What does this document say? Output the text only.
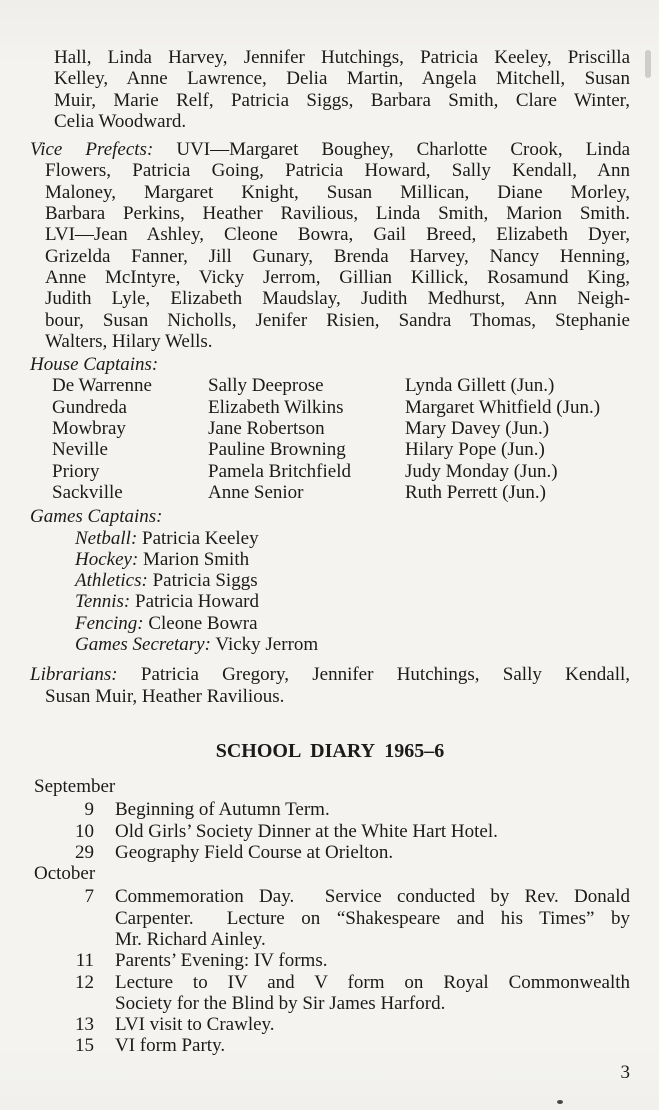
Hall, Linda Harvey, Jennifer Hutchings, Patricia Keeley, Priscilla
Kelley, Anne Lawrence, Delia Martin, Angela Mitchell, Susan
Muir, Marie Relf, Patricia Siggs, Barbara Smith, Clare Winter,
Celia Woodward.
Vice Prefects: UVI—Margaret Boughey, Charlotte Crook, Linda
Flowers, Patricia Going, Patricia Howard, Sally Kendall, Ann
Maloney, Margaret Knight, Susan Millican, Diane Morley,
Barbara Perkins, Heather Ravilious, Linda Smith, Marion Smith.
LVI—Jean Ashley, Cleone Bowra, Gail Breed, Elizabeth Dyer,
Grizelda Fanner, Jill Gunary, Brenda Harvey, Nancy Henning,
Anne McIntyre, Vicky Jerrom, Gillian Killick, Rosamund King,
Judith Lyle, Elizabeth Maudslay, Judith Medhurst, Ann Neigh-
bour, Susan Nicholls, Jenifer Risien, Sandra Thomas, Stephanie
Walters, Hilary Wells.
House Captains:
De Warrenne	Sally Deeprose	Lynda Gillett (Jun.)
Gundreda	Elizabeth Wilkins	Margaret Whitfield (Jun.)
Mowbray	Jane Robertson	Mary Davey (Jun.)
Neville	Pauline Browning	Hilary Pope (Jun.)
Priory	Pamela Britchfield	Judy Monday (Jun.)
Sackville	Anne Senior	Ruth Perrett (Jun.)
Games Captains:
Netball: Patricia Keeley
Hockey: Marion Smith
Athletics: Patricia Siggs
Tennis: Patricia Howard
Fencing: Cleone Bowra
Games Secretary: Vicky Jerrom
Librarians: Patricia Gregory, Jennifer Hutchings, Sally Kendall,
Susan Muir, Heather Ravilious.
SCHOOL DIARY 1965–6
September
9 Beginning of Autumn Term.
10 Old Girls’ Society Dinner at the White Hart Hotel.
29 Geography Field Course at Orielton.
October
7 Commemoration Day.  Service conducted by Rev. Donald
Carpenter.  Lecture on “Shakespeare and his Times” by
Mr. Richard Ainley.
11 Parents’ Evening: IV forms.
12 Lecture to IV and V form on Royal Commonwealth
Society for the Blind by Sir James Harford.
13 LVI visit to Crawley.
15 VI form Party.
3
